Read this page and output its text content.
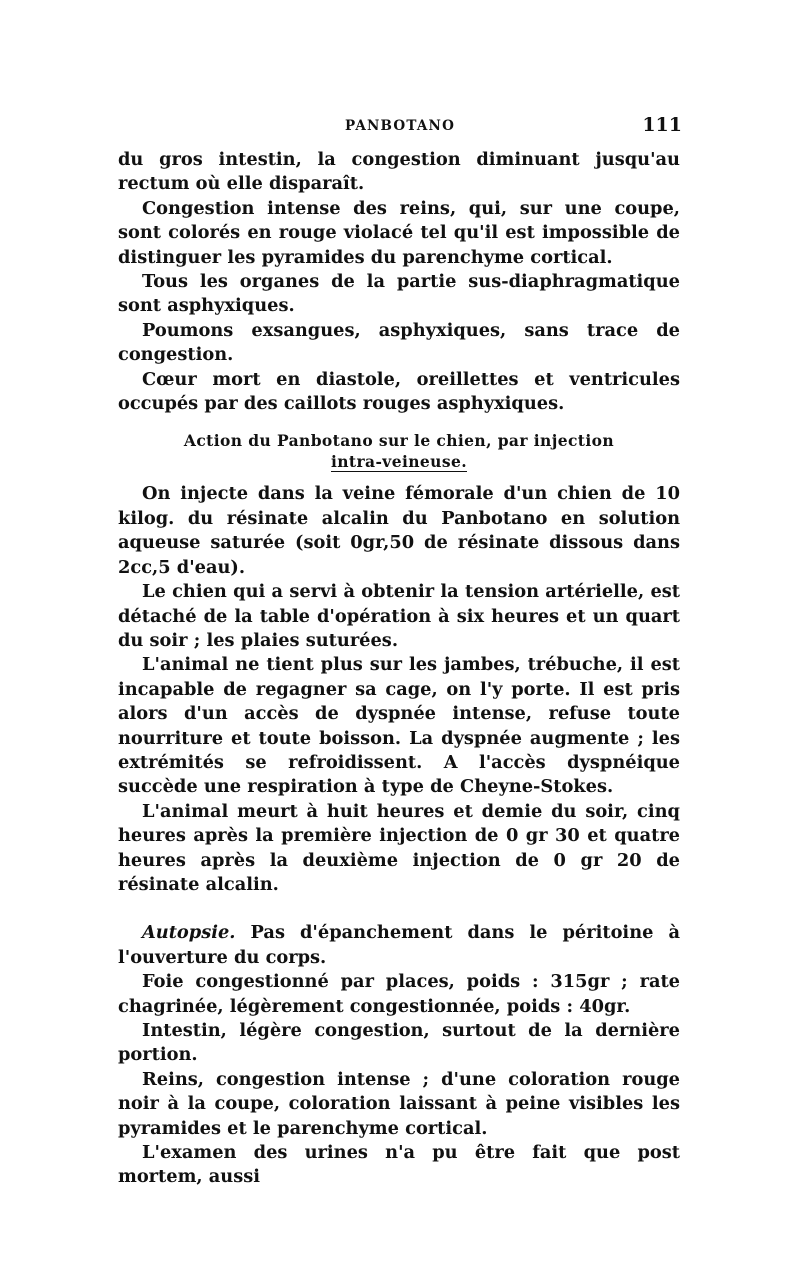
PANBOTANO	111

du gros intestin, la congestion diminuant jusqu'au rectum où elle disparaît.

Congestion intense des reins, qui, sur une coupe, sont colorés en rouge violacé tel qu'il est impossible de distinguer les pyramides du parenchyme cortical.

Tous les organes de la partie sus-diaphragmatique sont asphyxiques.

Poumons exsangues, asphyxiques, sans trace de congestion.

Cœur mort en diastole, oreillettes et ventricules occupés par des caillots rouges asphyxiques.

Action du Panbotano sur le chien, par injection
intra-veineuse.

On injecte dans la veine fémorale d'un chien de 10 kilog. du résinate alcalin du Panbotano en solution aqueuse saturée (soit 0gr,50 de résinate dissous dans 2cc,5 d'eau).

Le chien qui a servi à obtenir la tension artérielle, est détaché de la table d'opération à six heures et un quart du soir ; les plaies suturées.

L'animal ne tient plus sur les jambes, trébuche, il est incapable de regagner sa cage, on l'y porte. Il est pris alors d'un accès de dyspnée intense, refuse toute nourriture et toute boisson. La dyspnée augmente ; les extrémités se refroidissent. A l'accès dyspnéique succède une respiration à type de Cheyne-Stokes.

L'animal meurt à huit heures et demie du soir, cinq heures après la première injection de 0 gr 30 et quatre heures après la deuxième injection de 0 gr 20 de résinate alcalin.

Autopsie. Pas d'épanchement dans le péritoine à l'ouverture du corps.

Foie congestionné par places, poids : 315gr ; rate chagrinée, légèrement congestionnée, poids : 40gr.

Intestin, légère congestion, surtout de la dernière portion.

Reins, congestion intense ; d'une coloration rouge noir à la coupe, coloration laissant à peine visibles les pyramides et le parenchyme cortical.

L'examen des urines n'a pu être fait que post mortem, aussi
